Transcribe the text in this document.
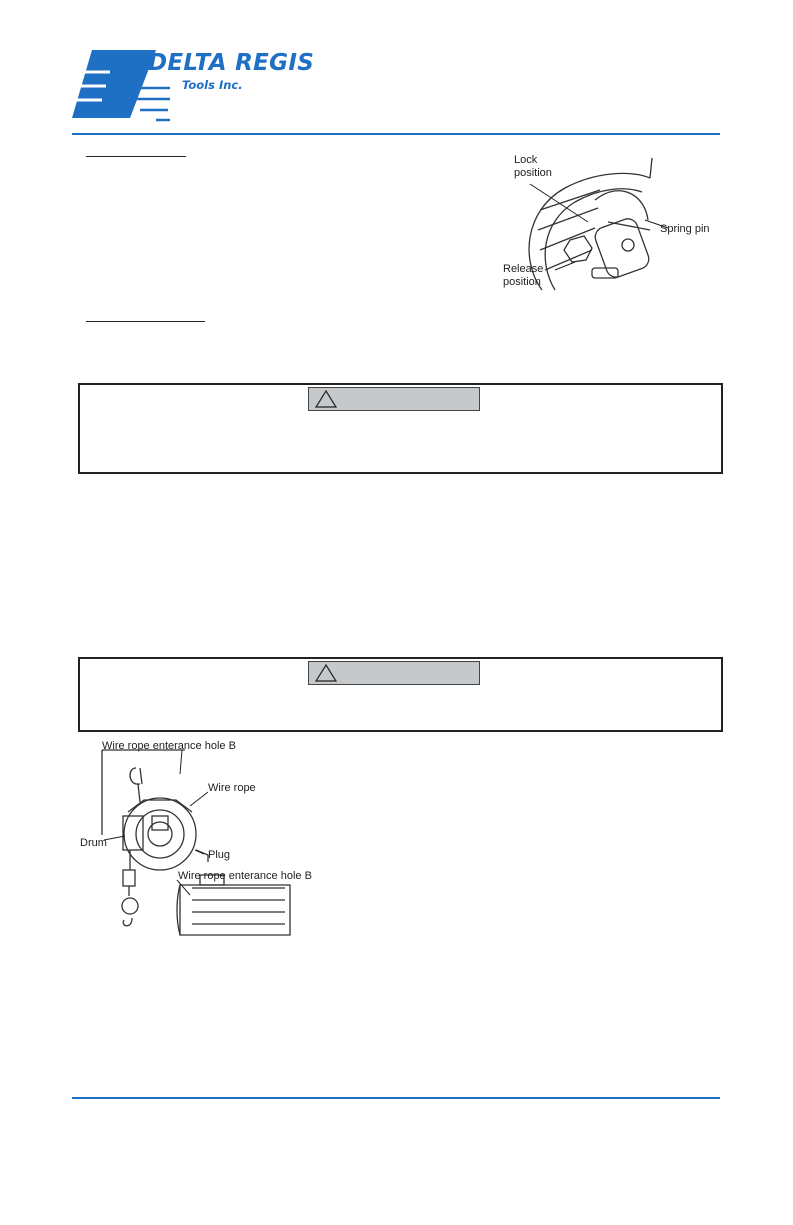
DELTA REGIS
Tools Inc.
Lock
position
Spring pin
Release
position
Wire rope enterance hole B
Wire rope
Drum
Plug
Wire rope enterance hole B
